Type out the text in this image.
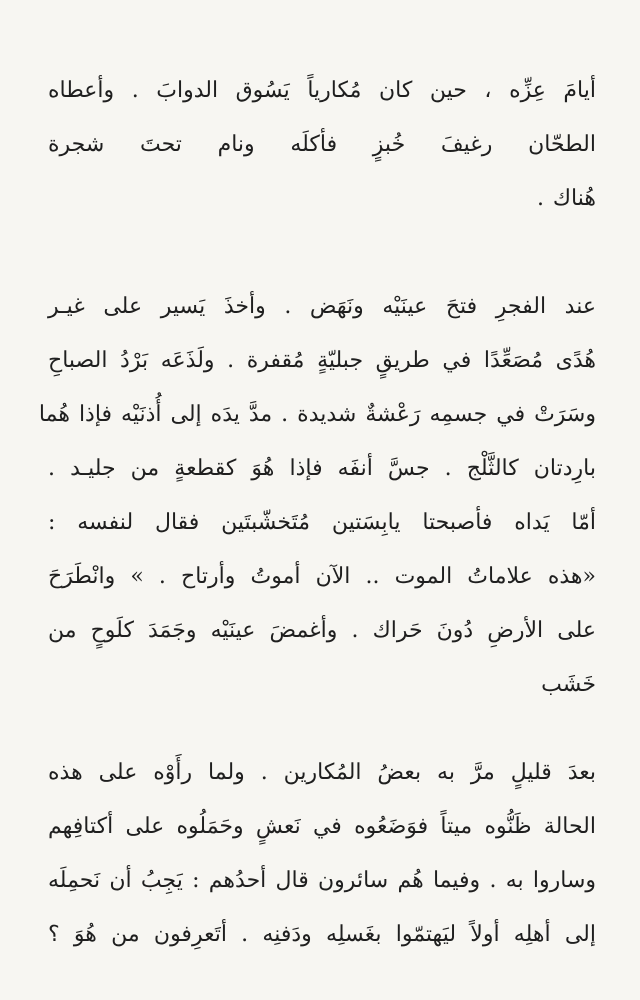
أيامَ عِزِّه ، حين كان مُكارياً يَسُوق الدوابَ . وأعطاه
الطحّان رغيفَ خُبزٍ فأكلَه ونام تحتَ شجرة
هُناك .
عند الفجرِ فتحَ عينَيْه ونَهَض . وأخذَ يَسير على غيـر
هُدًى مُصَعِّدًا في طريقٍ جبليّةٍ مُقفرة . ولَذَعَه بَرْدُ الصباحِ
وسَرَتْ في جسمِه رَعْشةٌ شديدة . مدَّ يدَه إلى أُذنَيْه فإذا هُما
بارِدتان كالثَّلْج . جسَّ أنفَه فإذا هُوَ كقطعةٍ من جليـد .
أمّا يَداه فأصبحتا يابِسَتين مُتَخشّبتَين فقال لنفسه :
«هذه علاماتُ الموت .. الآن أموتُ وأرتاح . » وانْطَرَحَ
على الأرضِ دُونَ حَراك . وأغمضَ عينَيْه وجَمَدَ كلَوحٍ من
خَشَب
بعدَ قليلٍ مرَّ به بعضُ المُكارين . ولما رأَوْه على هذه
الحالة ظَنُّوه ميتاً فوَضَعُوه في نَعشٍ وحَمَلُوه على أكتافِهم
وساروا به . وفيما هُم سائرون قال أحدُهم : يَجِبُ أن نَحمِلَه
إلى أهلِه أولاً ليَهتمّوا بغَسلِه ودَفنِه . أتَعرِفون من هُوَ ؟
